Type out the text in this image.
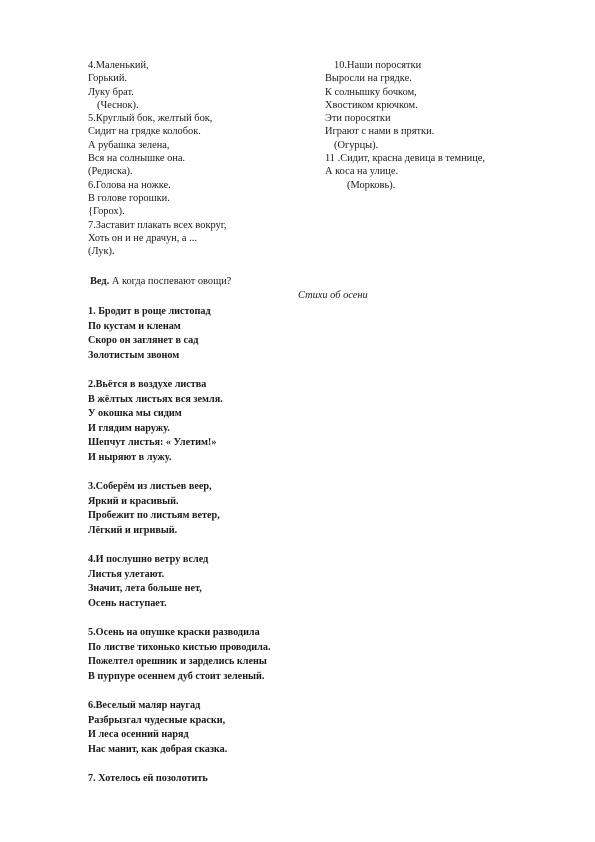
4.Маленький,
Горький.
Луку брат.
(Чеснок).
5.Круглый бок, желтый бок,
Сидит на грядке колобок.
А рубашка зелена,
Вся на солнышке она.
(Редиска).
6.Голова на ножке.
В голове горошки.
{Горох).
7.Заставит плакать всех вокруг,
Хоть он и не драчун, а ...
(Лук).
10.Наши поросятки
Выросли на грядке.
К солнышку бочком,
Хвостиком крючком.
Эти поросятки
Играют с нами в прятки.
(Огурцы).
11 .Сидит, красна девица в темнице,
А коса на улице.
(Морковь).
Вед. А когда поспевают овощи?
Стихи об осени
1. Бродит в роще листопад
По кустам и кленам
Скоро он заглянет в сад
Золотистым звоном
2.Вьётся в воздухе листва
В жёлтых листьях вся земля.
У окошка мы сидим
И глядим наружу.
Шепчут листья: « Улетим!»
И ныряют в лужу.
3.Соберём из листьев веер,
Яркий и красивый.
Пробежит по листьям ветер,
Лёгкий и игривый.
4.И послушно ветру вслед
Листья улетают.
Значит, лета больше нет,
Осень наступает.
5.Осень на опушке краски разводила
По листве тихонько кистью проводила.
Пожелтел орешник и зарделись клены
В пурпуре осеннем дуб стоит зеленый.
6.Веселый маляр наугад
Разбрызгал чудесные краски,
И леса осенний наряд
Нас манит, как добрая сказка.
7. Хотелось ей позолотить
